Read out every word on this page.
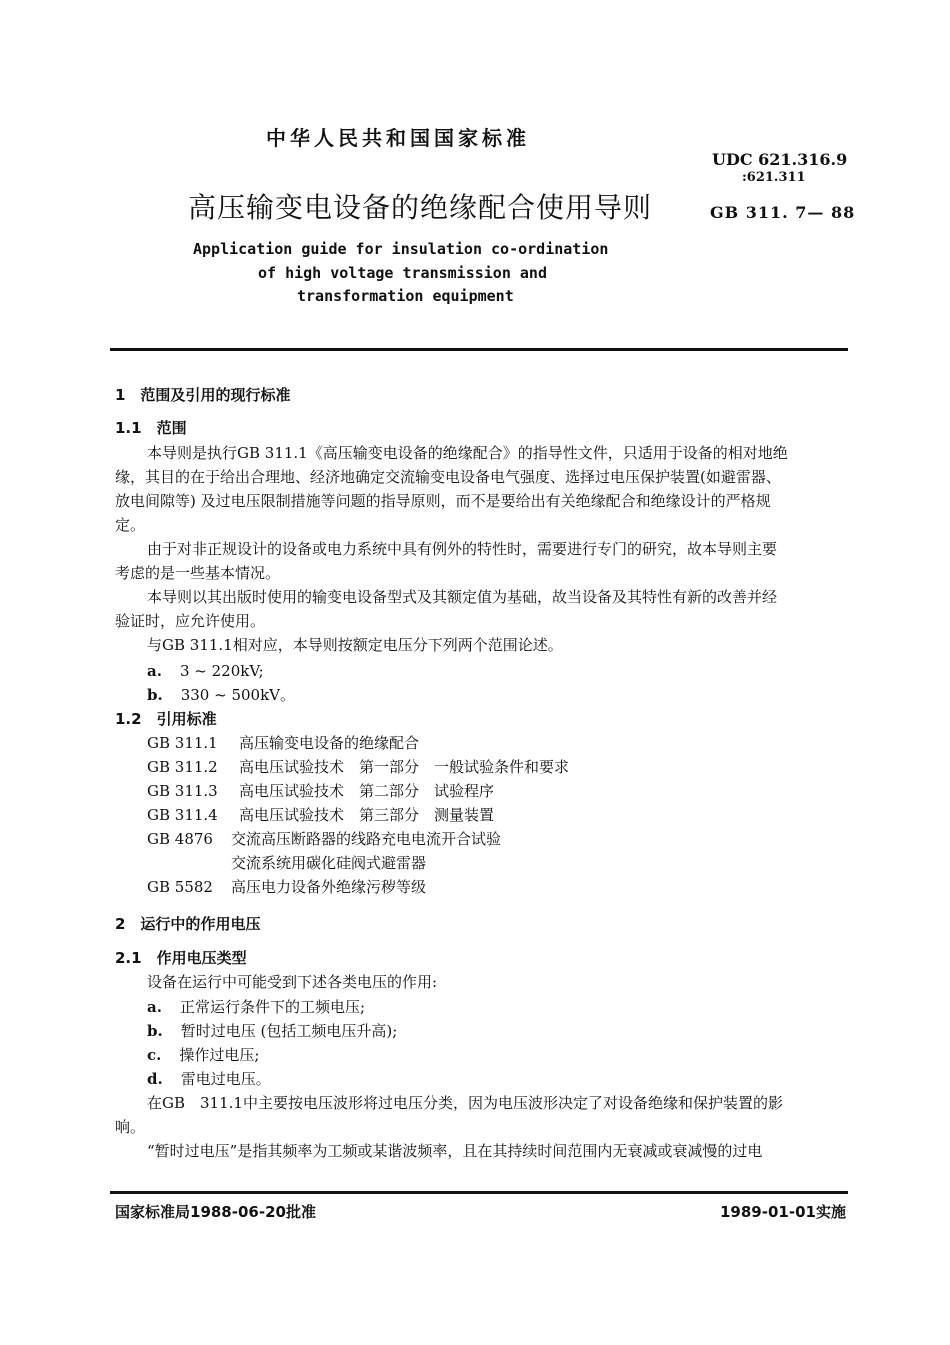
中华人民共和国国家标准
UDC 621.316.9
:621.311
高压输变电设备的绝缘配合使用导则	GB 311. 7— 88
Application guide for insulation co-ordination
of high voltage transmission and
transformation equipment
1　范围及引用的现行标准
1.1　范围
本导则是执行GB 311.1《高压输变电设备的绝缘配合》的指导性文件，只适用于设备的相对地绝
缘，其目的在于给出合理地、经济地确定交流输变电设备电气强度、选择过电压保护装置(如避雷器、
放电间隙等) 及过电压限制措施等问题的指导原则，而不是要给出有关绝缘配合和绝缘设计的严格规
定。
由于对非正规设计的设备或电力系统中具有例外的特性时，需要进行专门的研究，故本导则主要
考虑的是一些基本情况。
本导则以其出版时使用的输变电设备型式及其额定值为基础，故当设备及其特性有新的改善并经
验证时，应允许使用。
与GB 311.1相对应，本导则按额定电压分下列两个范围论述。
a. 3 ~ 220kV;
b. 330 ~ 500kV。
1.2　引用标准
GB 311.1 高压输变电设备的绝缘配合
GB 311.2 高电压试验技术　第一部分　一般试验条件和要求
GB 311.3 高电压试验技术　第二部分　试验程序
GB 311.4 高电压试验技术　第三部分　测量装置
GB 4876 交流高压断路器的线路充电电流开合试验
交流系统用碳化硅阀式避雷器
GB 5582 高压电力设备外绝缘污秽等级
2　运行中的作用电压
2.1　作用电压类型
设备在运行中可能受到下述各类电压的作用:
a. 正常运行条件下的工频电压;
b. 暂时过电压 (包括工频电压升高);
c. 操作过电压;
d. 雷电过电压。
在GB　311.1中主要按电压波形将过电压分类，因为电压波形决定了对设备绝缘和保护装置的影
响。
“暂时过电压”是指其频率为工频或某谐波频率，且在其持续时间范围内无衰减或衰减慢的过电
国家标准局1988-06-20批准	1989-01-01实施
